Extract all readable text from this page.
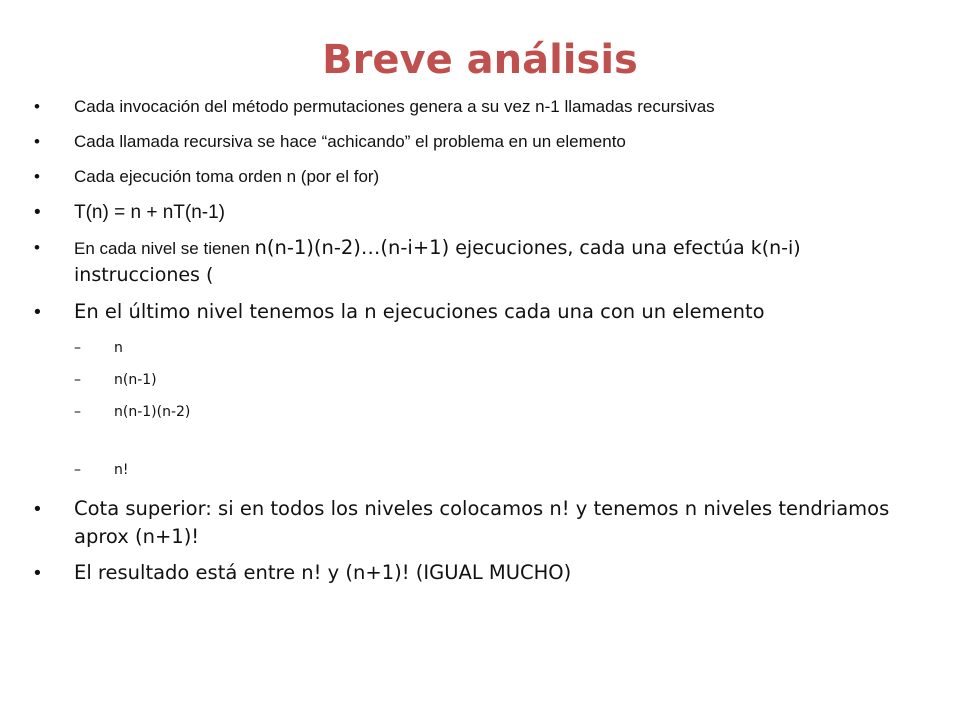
Breve análisis

• Cada invocación del método permutaciones genera a su vez n-1 llamadas recursivas

• Cada llamada recursiva se hace “achicando” el problema en un elemento

• Cada ejecución toma orden n (por el for)

• T(n) = n + nT(n-1)

• En cada nivel se tienen n(n-1)(n-2)…(n-i+1) ejecuciones, cada una efectúa k(n-i) instrucciones (

• En el último nivel tenemos la n ejecuciones cada una con un elemento

– n

– n(n-1)

– n(n-1)(n-2)

– n!

• Cota superior: si en todos los niveles colocamos n! y tenemos n niveles tendriamos aprox (n+1)!

• El resultado está entre n! y (n+1)! (IGUAL MUCHO)
